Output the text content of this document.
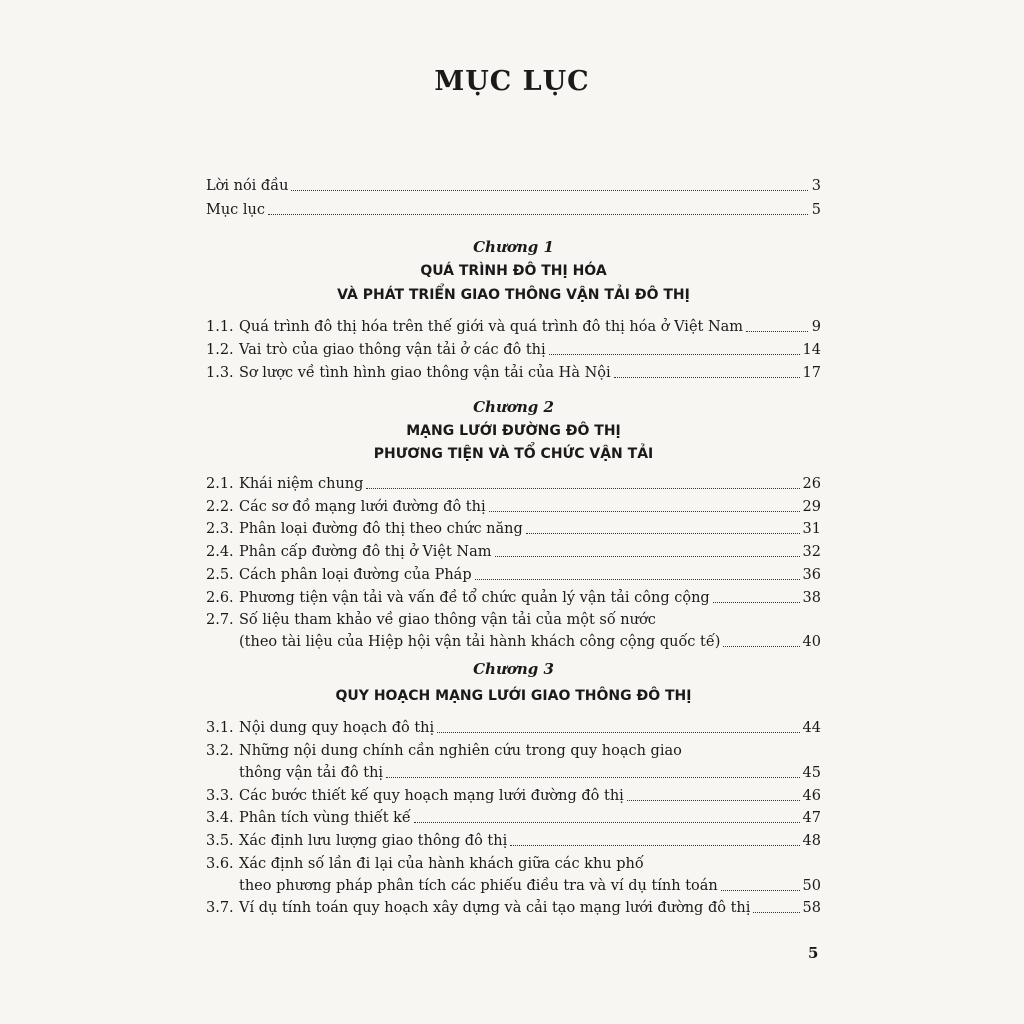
MỤC LỤC
Lời nói đầu	3
Mục lục	5
Chương 1
QUÁ TRÌNH ĐÔ THỊ HÓA
VÀ PHÁT TRIỂN GIAO THÔNG VẬN TẢI ĐÔ THỊ
1.1. Quá trình đô thị hóa trên thế giới và quá trình đô thị hóa ở Việt Nam	9
1.2. Vai trò của giao thông vận tải ở các đô thị	14
1.3. Sơ lược về tình hình giao thông vận tải của Hà Nội	17
Chương 2
MẠNG LƯỚI ĐƯỜNG ĐÔ THỊ
PHƯƠNG TIỆN VÀ TỔ CHỨC VẬN TẢI
2.1. Khái niệm chung	26
2.2. Các sơ đồ mạng lưới đường đô thị	29
2.3. Phân loại đường đô thị theo chức năng	31
2.4. Phân cấp đường đô thị ở Việt Nam	32
2.5. Cách phân loại đường của Pháp	36
2.6. Phương tiện vận tải và vấn đề tổ chức quản lý vận tải công cộng	38
2.7. Số liệu tham khảo về giao thông vận tải của một số nước
(theo tài liệu của Hiệp hội vận tải hành khách công cộng quốc tế)	40
Chương 3
QUY HOẠCH MẠNG LƯỚI GIAO THÔNG ĐÔ THỊ
3.1. Nội dung quy hoạch đô thị	44
3.2. Những nội dung chính cần nghiên cứu trong quy hoạch giao
thông vận tải đô thị	45
3.3. Các bước thiết kế quy hoạch mạng lưới đường đô thị	46
3.4. Phân tích vùng thiết kế	47
3.5. Xác định lưu lượng giao thông đô thị	48
3.6. Xác định số lần đi lại của hành khách giữa các khu phố
theo phương pháp phân tích các phiếu điều tra và ví dụ tính toán	50
3.7. Ví dụ tính toán quy hoạch xây dựng và cải tạo mạng lưới đường đô thị	58
5
